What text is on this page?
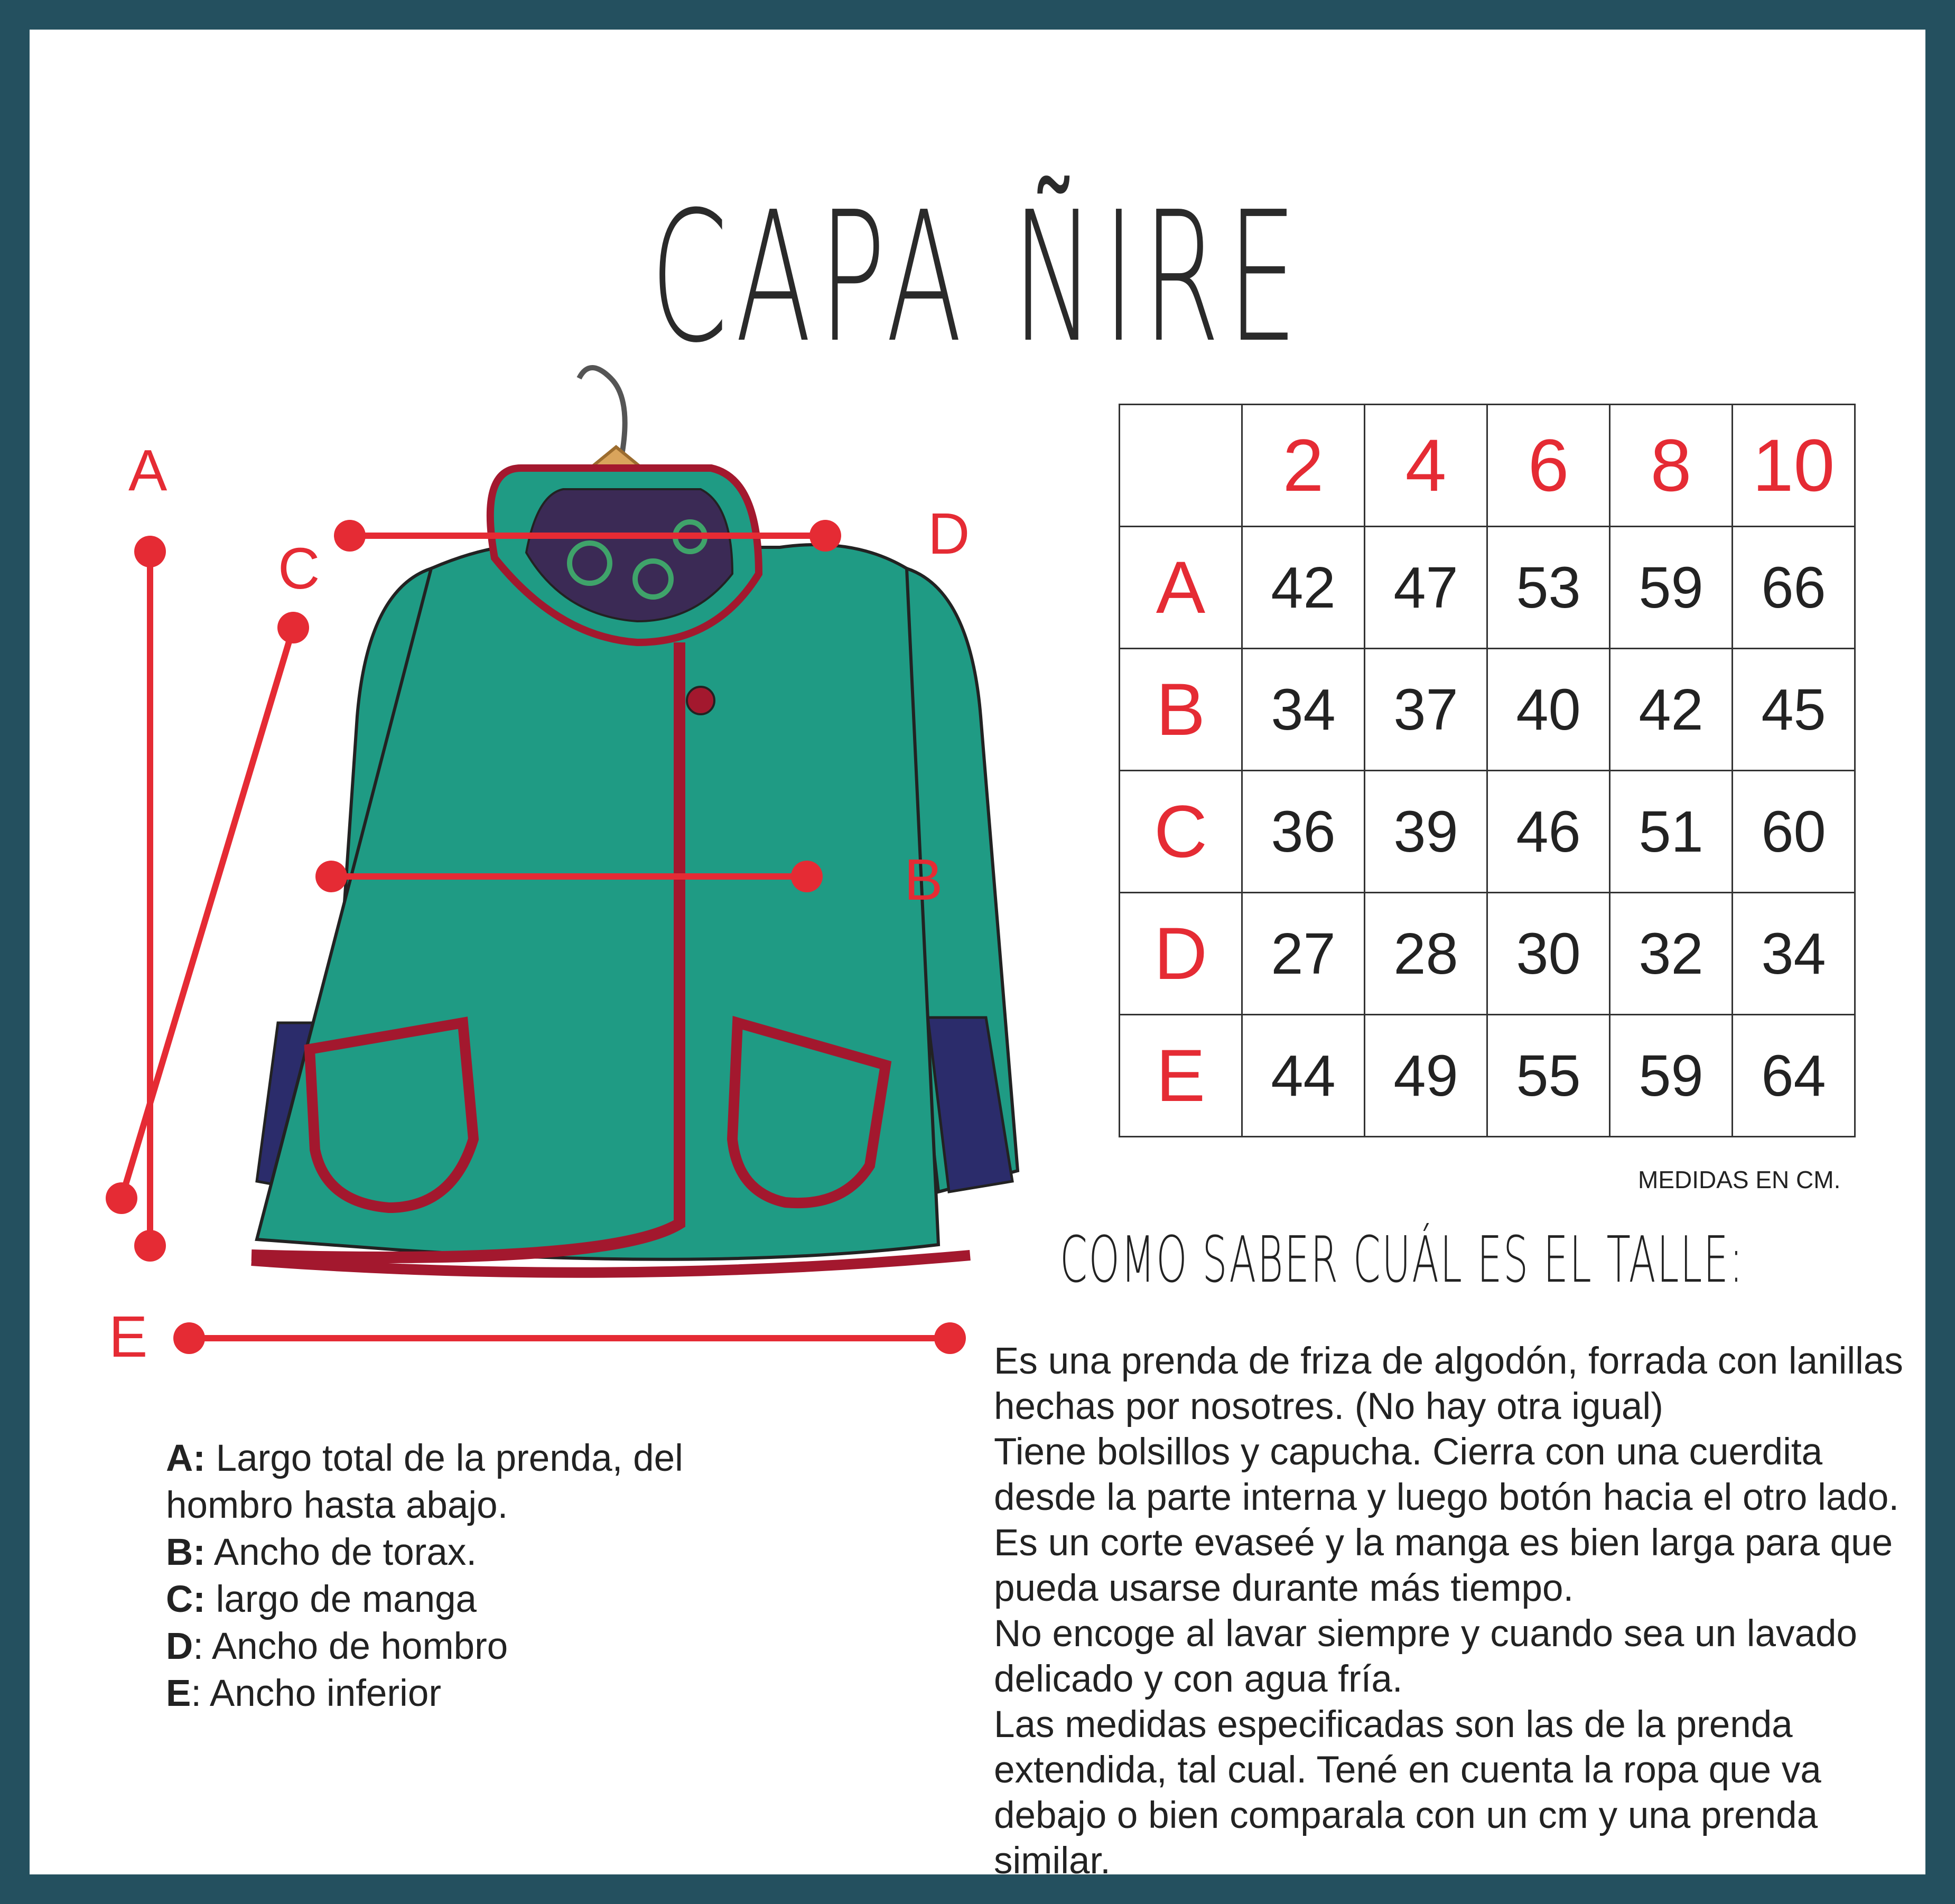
CAPA ÑIRE
A
C
D
B
E
	2	4	6	8	10
A	42	47	53	59	66
B	34	37	40	42	45
C	36	39	46	51	60
D	27	28	30	32	34
E	44	49	55	59	64
MEDIDAS EN CM.
COMO SABER CUÁL ES EL TALLE:

Es una prenda de friza de algodón, forrada con lanillas hechas por nosotres. (No hay otra igual)

Tiene bolsillos y capucha. Cierra con una cuerdita desde la parte interna y luego botón hacia el otro lado. Es un corte evaseé y la manga es bien larga para que pueda usarse durante más tiempo.

No encoge al lavar siempre y cuando sea un lavado delicado y con agua fría.

Las medidas especificadas son las de la prenda extendida, tal cual. Tené en cuenta la ropa que va debajo o bien comparala con un cm y una prenda similar.

A: Largo total de la prenda, del hombro hasta abajo.
B: Ancho de torax.
C: largo de manga
D: Ancho de hombro
E: Ancho inferior
